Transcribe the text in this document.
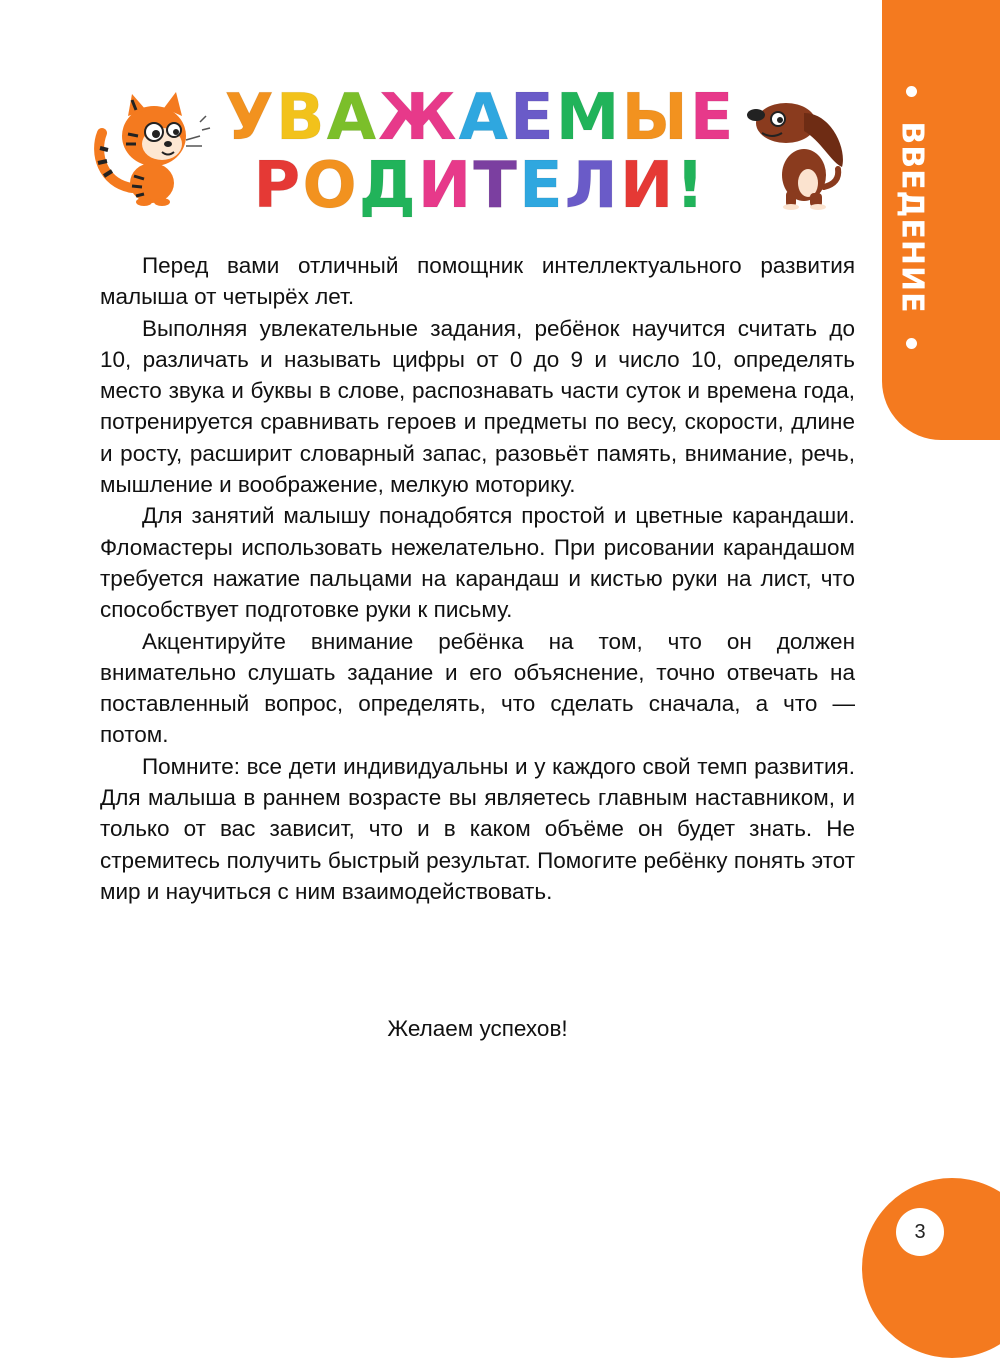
ВВЕДЕНИЕ
УВАЖАЕМЫЕ
РОДИТЕЛИ!

Перед вами отличный помощник интеллектуального развития малыша от четырёх лет.

Выполняя увлекательные задания, ребёнок научится считать до 10, различать и называть цифры от 0 до 9 и число 10, определять место звука и буквы в слове, распознавать части суток и времена года, потренируется сравнивать героев и предметы по весу, скорости, длине и росту, расширит словарный запас, разовьёт память, внимание, речь, мышление и воображение, мелкую моторику.

Для занятий малышу понадобятся простой и цветные карандаши. Фломастеры использовать нежелательно. При рисовании карандашом требуется нажатие пальцами на карандаш и кистью руки на лист, что способствует подготовке руки к письму.

Акцентируйте внимание ребёнка на том, что он должен внимательно слушать задание и его объяснение, точно отвечать на поставленный вопрос, определять, что сделать сначала, а что — потом.

Помните: все дети индивидуальны и у каждого свой темп развития. Для малыша в раннем возрасте вы являетесь главным наставником, и только от вас зависит, что и в каком объёме он будет знать. Не стремитесь получить быстрый результат. Помогите ребёнку понять этот мир и научиться с ним взаимодействовать.

Желаем успехов!
3
